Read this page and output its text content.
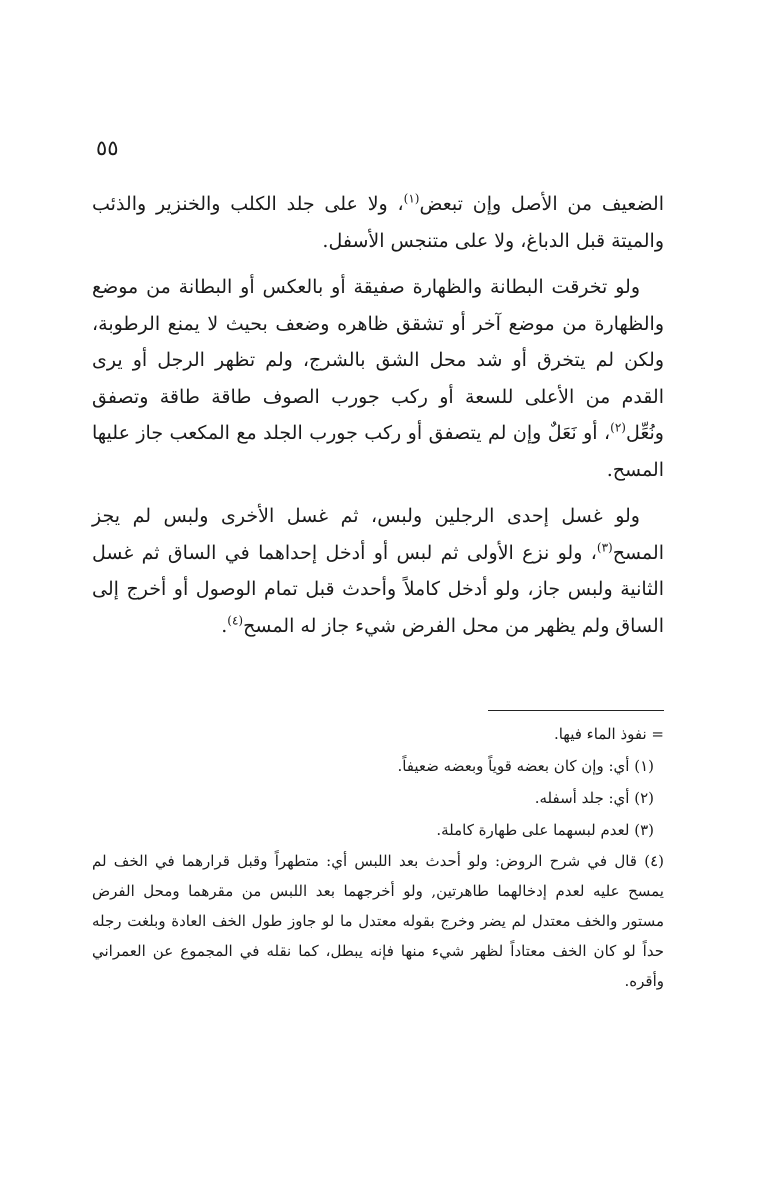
٥٥

الضعيف من الأصل وإن تبعض$^{(١)}$، ولا على جلد الكلب والخنزير والذئب والميتة قبل الدباغ، ولا على متنجس الأسفل.

ولو تخرقت البطانة والظهارة صفيقة أو بالعكس أو البطانة من موضع والظهارة من موضع آخر أو تشقق ظاهره وضعف بحيث لا يمنع الرطوبة، ولكن لم يتخرق أو شد محل الشق بالشرج، ولم تظهر الرجل أو يرى القدم من الأعلى للسعة أو ركب جورب الصوف طاقة طاقة وتصفق ونُعِّل$^{(٢)}$، أو نَعَلٌ وإن لم يتصفق أو ركب جورب الجلد مع المكعب جاز عليها المسح.

ولو غسل إحدى الرجلين ولبس، ثم غسل الأخرى ولبس لم يجز المسح$^{(٣)}$، ولو نزع الأولى ثم لبس أو أدخل إحداهما في الساق ثم غسل الثانية ولبس جاز، ولو أدخل كاملاً وأحدث قبل تمام الوصول أو أخرج إلى الساق ولم يظهر من محل الفرض شيء جاز له المسح$^{(٤)}$.

= نفوذ الماء فيها.

(١) أي: وإن كان بعضه قوياً وبعضه ضعيفاً.

(٢) أي: جلد أسفله.

(٣) لعدم لبسهما على طهارة كاملة.

(٤) قال في شرح الروض: ولو أحدث بعد اللبس أي: متطهراً وقبل قرارهما في الخف لم يمسح عليه لعدم إدخالهما طاهرتين, ولو أخرجهما بعد اللبس من مقرهما ومحل الفرض مستور والخف معتدل لم يضر وخرج بقوله معتدل ما لو جاوز طول الخف العادة وبلغت رجله حداً لو كان الخف معتاداً لظهر شيء منها فإنه يبطل، كما نقله في المجموع عن العمراني وأقره.
